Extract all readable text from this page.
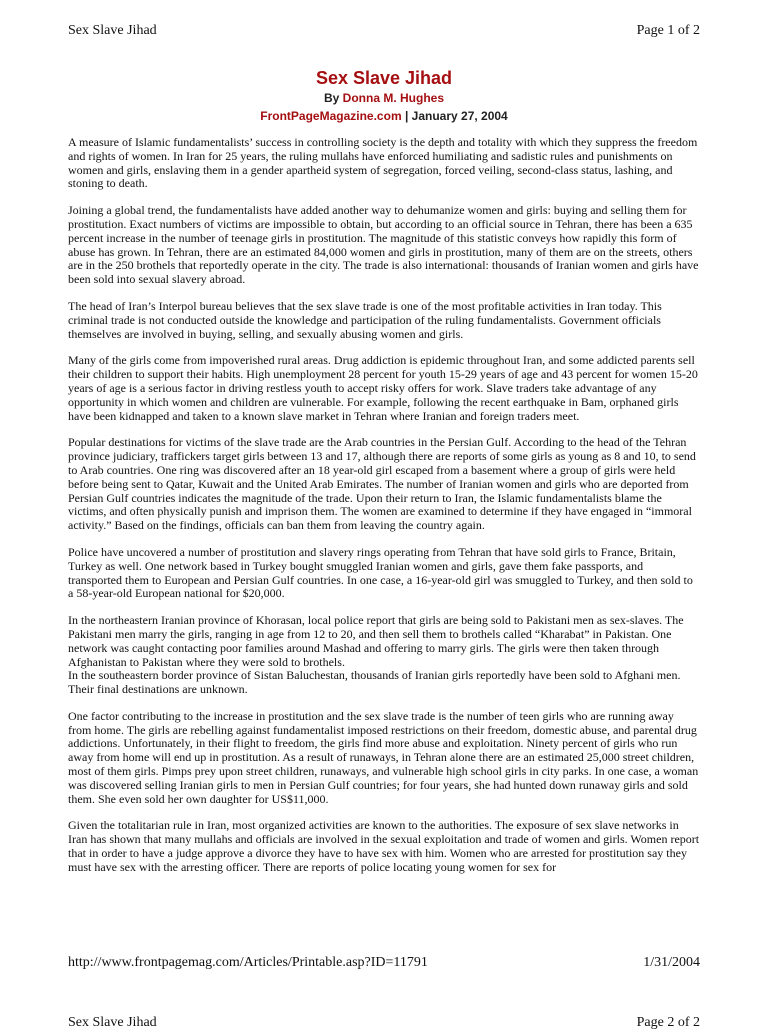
Sex Slave Jihad	Page 1 of 2
Sex Slave Jihad
By Donna M. Hughes
FrontPageMagazine.com | January 27, 2004

A measure of Islamic fundamentalists’ success in controlling society is the depth and totality with which they suppress the freedom and rights of women. In Iran for 25 years, the ruling mullahs have enforced humiliating and sadistic rules and punishments on women and girls, enslaving them in a gender apartheid system of segregation, forced veiling, second-class status, lashing, and stoning to death.

Joining a global trend, the fundamentalists have added another way to dehumanize women and girls: buying and selling them for prostitution. Exact numbers of victims are impossible to obtain, but according to an official source in Tehran, there has been a 635 percent increase in the number of teenage girls in prostitution. The magnitude of this statistic conveys how rapidly this form of abuse has grown. In Tehran, there are an estimated 84,000 women and girls in prostitution, many of them are on the streets, others are in the 250 brothels that reportedly operate in the city. The trade is also international: thousands of Iranian women and girls have been sold into sexual slavery abroad.

The head of Iran’s Interpol bureau believes that the sex slave trade is one of the most profitable activities in Iran today. This criminal trade is not conducted outside the knowledge and participation of the ruling fundamentalists. Government officials themselves are involved in buying, selling, and sexually abusing women and girls.

Many of the girls come from impoverished rural areas. Drug addiction is epidemic throughout Iran, and some addicted parents sell their children to support their habits. High unemployment 28 percent for youth 15-29 years of age and 43 percent for women 15-20 years of age is a serious factor in driving restless youth to accept risky offers for work. Slave traders take advantage of any opportunity in which women and children are vulnerable. For example, following the recent earthquake in Bam, orphaned girls have been kidnapped and taken to a known slave market in Tehran where Iranian and foreign traders meet.

Popular destinations for victims of the slave trade are the Arab countries in the Persian Gulf. According to the head of the Tehran province judiciary, traffickers target girls between 13 and 17, although there are reports of some girls as young as 8 and 10, to send to Arab countries. One ring was discovered after an 18 year-old girl escaped from a basement where a group of girls were held before being sent to Qatar, Kuwait and the United Arab Emirates. The number of Iranian women and girls who are deported from Persian Gulf countries indicates the magnitude of the trade. Upon their return to Iran, the Islamic fundamentalists blame the victims, and often physically punish and imprison them. The women are examined to determine if they have engaged in “immoral activity.” Based on the findings, officials can ban them from leaving the country again.

Police have uncovered a number of prostitution and slavery rings operating from Tehran that have sold girls to France, Britain, Turkey as well. One network based in Turkey bought smuggled Iranian women and girls, gave them fake passports, and transported them to European and Persian Gulf countries. In one case, a 16-year-old girl was smuggled to Turkey, and then sold to a 58-year-old European national for $20,000.

In the northeastern Iranian province of Khorasan, local police report that girls are being sold to Pakistani men as sex-slaves. The Pakistani men marry the girls, ranging in age from 12 to 20, and then sell them to brothels called “Kharabat” in Pakistan. One network was caught contacting poor families around Mashad and offering to marry girls. The girls were then taken through Afghanistan to Pakistan where they were sold to brothels.
In the southeastern border province of Sistan Baluchestan, thousands of Iranian girls reportedly have been sold to Afghani men. Their final destinations are unknown.

One factor contributing to the increase in prostitution and the sex slave trade is the number of teen girls who are running away from home. The girls are rebelling against fundamentalist imposed restrictions on their freedom, domestic abuse, and parental drug addictions. Unfortunately, in their flight to freedom, the girls find more abuse and exploitation. Ninety percent of girls who run away from home will end up in prostitution. As a result of runaways, in Tehran alone there are an estimated 25,000 street children, most of them girls. Pimps prey upon street children, runaways, and vulnerable high school girls in city parks. In one case, a woman was discovered selling Iranian girls to men in Persian Gulf countries; for four years, she had hunted down runaway girls and sold them. She even sold her own daughter for US$11,000.

Given the totalitarian rule in Iran, most organized activities are known to the authorities. The exposure of sex slave networks in Iran has shown that many mullahs and officials are involved in the sexual exploitation and trade of women and girls. Women report that in order to have a judge approve a divorce they have to have sex with him. Women who are arrested for prostitution say they must have sex with the arresting officer. There are reports of police locating young women for sex for

http://www.frontpagemag.com/Articles/Printable.asp?ID=11791	1/31/2004
Sex Slave Jihad	Page 2 of 2
